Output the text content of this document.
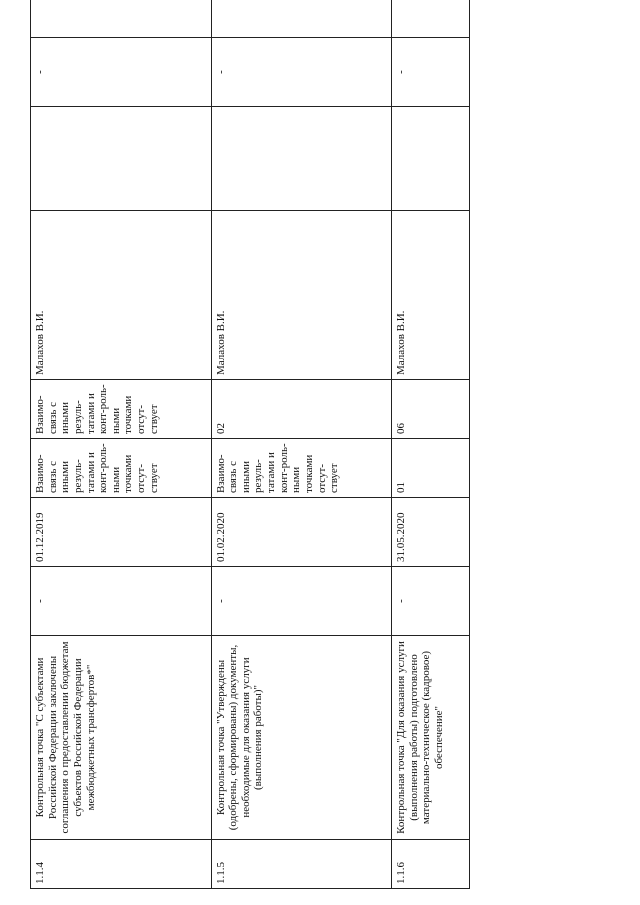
1.1.4	Контрольная точка "С субъектами Российской Федерации заключены соглашения о предоставлении бюджетам субъектов Российской Федерации межбюджетных трансфертов*"	-	01.12.2019	Взаимо-связь с иными резуль-татами и конт-роль-ными точками отсут-ствует	Взаимо-связь с иными резуль-татами и конт-роль-ными точками отсут-ствует	Малахов В.И.		-	
1.1.5	Контрольная точка "Утверждены (одобрены, сформированы) документы, необходимые для оказания услуги (выполнения работы)"	-	01.02.2020	Взаимо-связь с иными резуль-татами и конт-роль-ными точками отсут-ствует	02	Малахов В.И.		-	
1.1.6	Контрольная точка "Для оказания услуги (выполнения работы) подготовлено материально-техническое (кадровое) обеспечение"	-	31.05.2020	01	06	Малахов В.И.		-	
